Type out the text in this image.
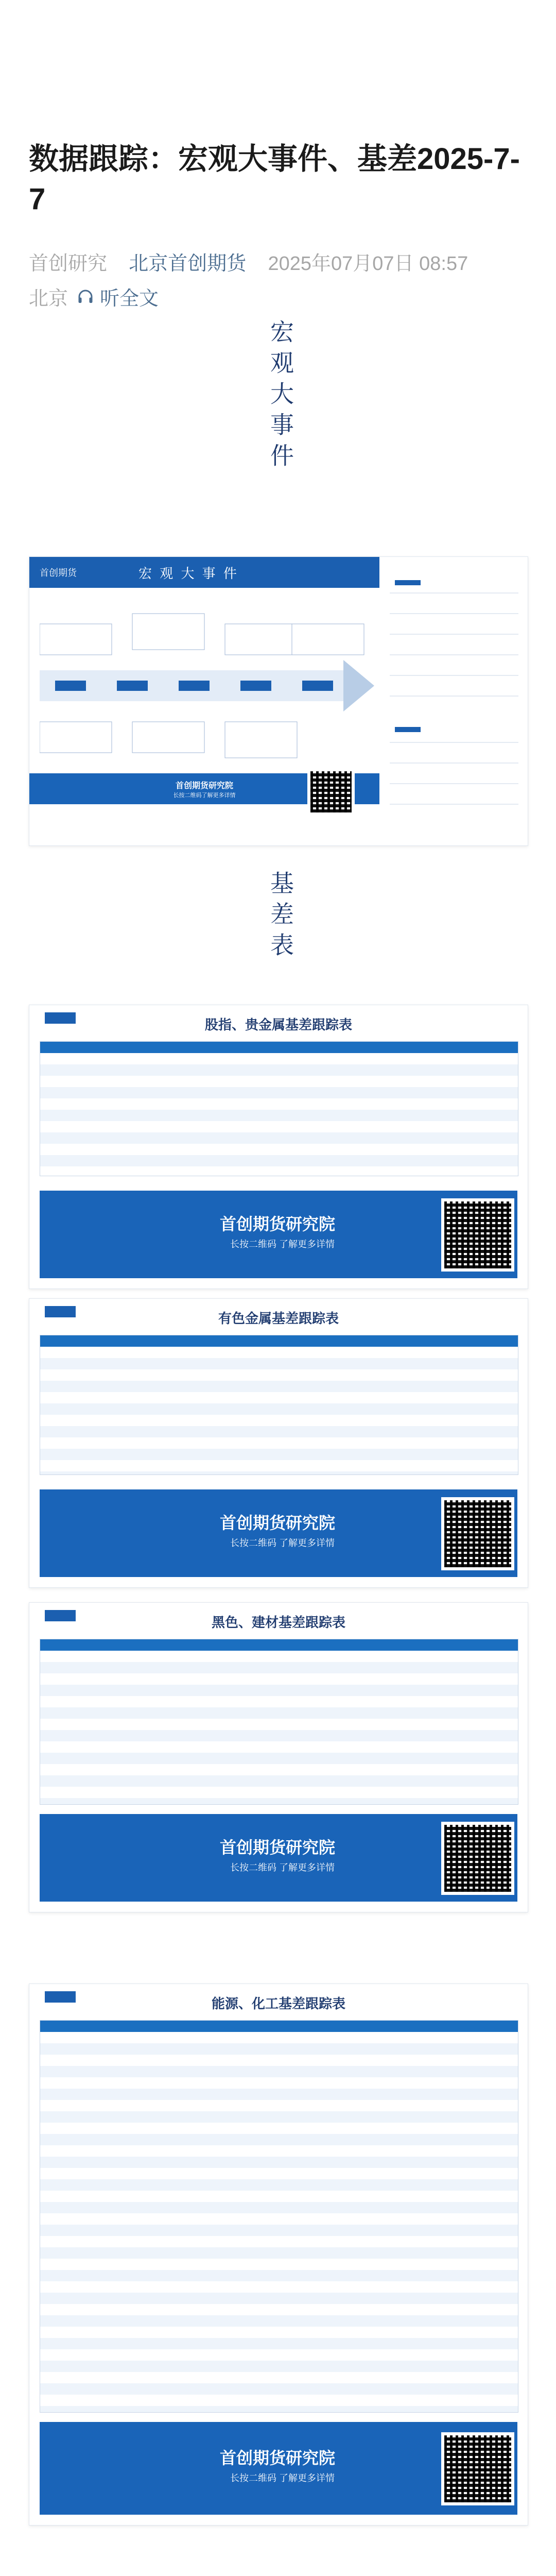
数据跟踪：宏观大事件、基差2025-7-7
首创研究 北京首创期货 2025年07月07日 08:57
北京 听全文
宏观大事件
首创期货	宏 观 大 事 件
首创期货研究院
长按二维码了解更多详情
基差表
股指、贵金属基差跟踪表
首创期货研究院
长按二维码 了解更多详情
有色金属基差跟踪表
首创期货研究院
长按二维码 了解更多详情
黑色、建材基差跟踪表
首创期货研究院
长按二维码 了解更多详情
能源、化工基差跟踪表
首创期货研究院
长按二维码 了解更多详情
